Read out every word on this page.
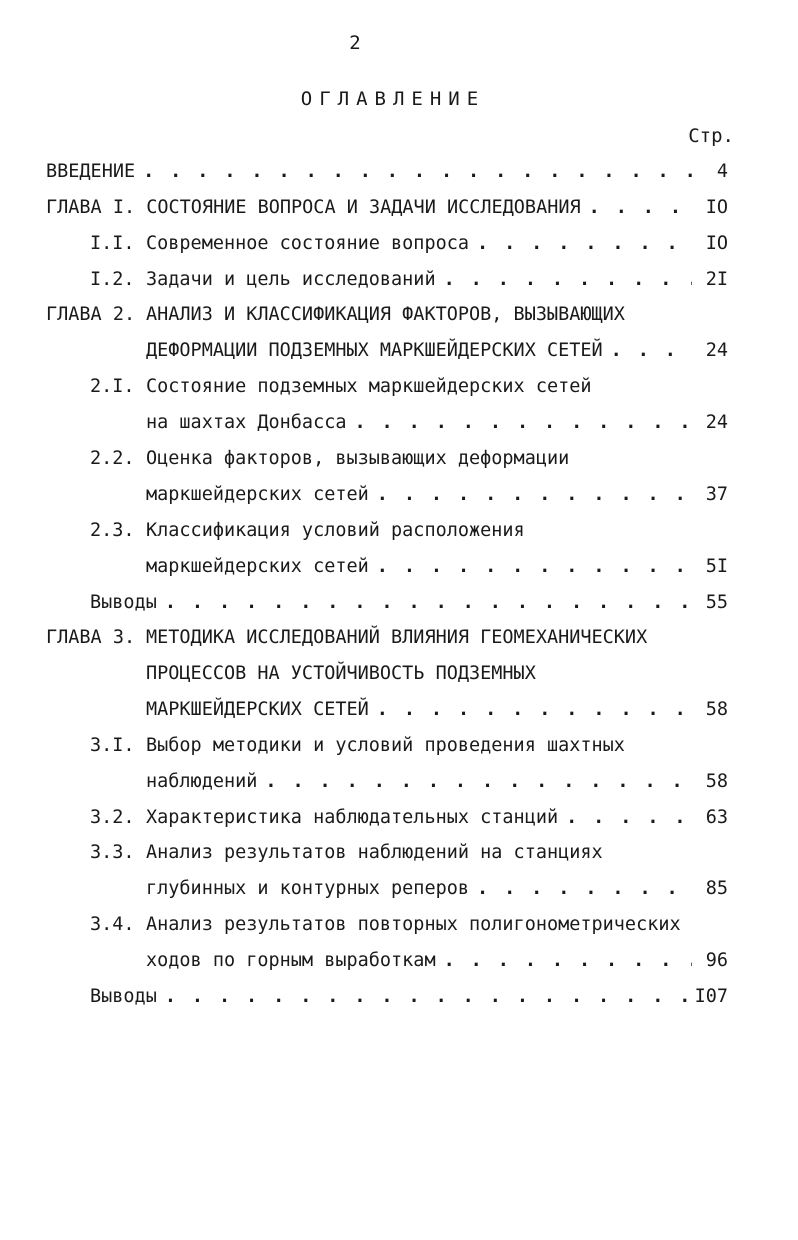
2
ОГЛАВЛЕНИЕ
Стр.
ВВЕДЕНИЕ . . .	4
ГЛАВА I. СОСТОЯНИЕ ВОПРОСА И ЗАДАЧИ ИССЛЕДОВАНИЯ . . .	IO
I.I. Современное состояние вопроса . . .	IO
I.2. Задачи и цель исследований . . .	2I
ГЛАВА 2. АНАЛИЗ И КЛАССИФИКАЦИЯ ФАКТОРОВ, ВЫЗЫВАЮЩИХ
ДЕФОРМАЦИИ ПОДЗЕМНЫХ МАРКШЕЙДЕРСКИХ СЕТЕЙ . . .	24
2.I. Состояние подземных маркшейдерских сетей
на шахтах Донбасса . . .	24
2.2. Оценка факторов, вызывающих деформации
маркшейдерских сетей . . .	37
2.3. Классификация условий расположения
маркшейдерских сетей . . .	5I
Выводы . . .	55
ГЛАВА 3. МЕТОДИКА ИССЛЕДОВАНИЙ ВЛИЯНИЯ ГЕОМЕХАНИЧЕСКИХ
ПРОЦЕССОВ НА УСТОЙЧИВОСТЬ ПОДЗЕМНЫХ
МАРКШЕЙДЕРСКИХ СЕТЕЙ . . .	58
3.I. Выбор методики и условий проведения шахтных
наблюдений . . .	58
3.2. Характеристика наблюдательных станций . . .	63
3.3. Анализ результатов наблюдений на станциях
глубинных и контурных реперов . . .	85
3.4. Анализ результатов повторных полигонометрических
ходов по горным выработкам . . .	96
Выводы . . .	I07
